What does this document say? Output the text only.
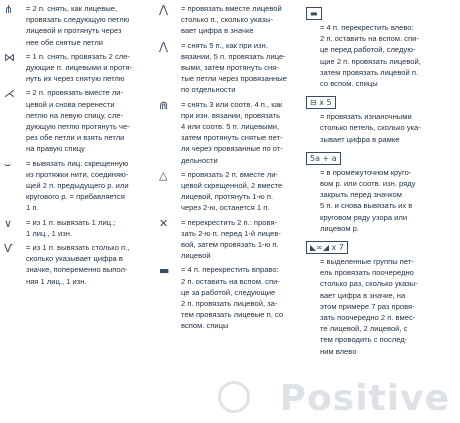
⋔	= 2 п. снять, как лицевые,
провязать следующую петлю
лицевой и протянуть через
нее обе снятые петли
⋈	= 1 п. снять, провязать 2 сле-
дующие п. лицевыми и протя-
нуть их через снятую петлю
⋌	= 2 п. провязать вместе ли-
цевой и снова перенести
петлю на левую спицу, сле-
дующую петлю протянуть че-
рез обе петли и взять петли
на правую спицу
⌣	= вывязать лиц. скрещенную
из протяжки нити, соединяю-
щей 2 п. предыдущего р. или
кругового р. = прибавляется
1 п.
∨	= из 1 п. вывязать 1 лиц.;
1 лиц., 1 изн.
Ѵ	= из 1 п. вывязать столько п.,
сколько указывает цифра в
значке, попеременно выпол-
няя 1 лиц., 1 изн.
⋀	= провязать вместе лицевой
столько п., сколько указы-
вает цифра в значке
⋀	= снять 5 п., как при изн.
вязании, 5 п. провязать лице-
выми, затем протянуть сня-
тые петли через провязанные
по отдельности
⋒	= снять 3 или соотв. 4 п., как
при изн. вязании, провязать
4 или соотв. 5 п. лицевыми,
затем протянуть снятые пет-
ли через провязанные по от-
дельности
△	= провязать 2 п. вместе ли-
цевой скрещенной, 2 вместе
лицевой, протянуть 1-ю п.
через 2-ю, останется 1 п.
✕	= перекрестить 2 п.: провя-
зать 2-ю п. перед 1-й лицев-
вой, затем провязать 1-ю п.
лицевой
▬	= 4 п. перекрестить вправо:
2 п. оставить на вспом. спи-
це за работой, следующие
2 п. провязать лицевой, за-
тем провязать лицевые п. со
вспом. спицы
▬
= 4 п. перекрестить влево:
2 п. оставить на вспом. спи-
це перед работой, следую-
щие 2 п. провязать лицевой,
затем провязать лицевой п.
со вспом. спицы
⊟ x 5
= провязать изнаночными
столько петель, сколько ука-
зывает цифра в рамке
5a + a
= в промежуточном круго-
вом р. или соотв. изн. ряду
закрыть перед значком
5 п. и снова вывязать их в
круговом ряду узора или
лицевом р.
◣∞◢ x 7
= выделенные группы пет-
ель провязать поочередно
столько раз, сколько указы-
вает цифра в значке, на
этом примере 7 раз провя-
зать поочередно 2 п. вмес-
те лицевой, 2 лицевой, с
тем проводить с послед-
ним влево
Positive
